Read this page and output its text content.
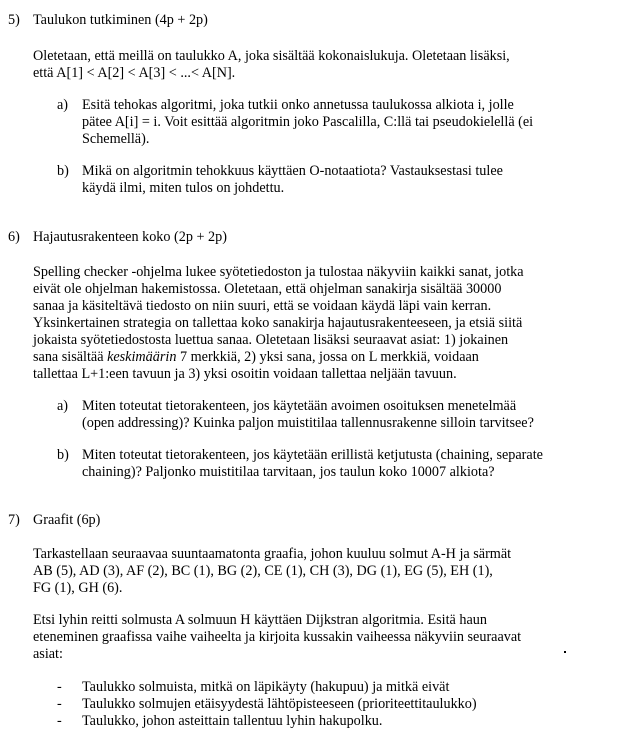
5) Taulukon tutkiminen (4p + 2p)
Oletetaan, että meillä on taulukko A, joka sisältää kokonaislukuja. Oletetaan lisäksi,
että A[1] < A[2] < A[3] < ...< A[N].
a) Esitä tehokas algoritmi, joka tutkii onko annetussa taulukossa alkiota i, jolle
pätee A[i] = i. Voit esittää algoritmin joko Pascalilla, C:llä tai pseudokielellä (ei
Schemellä).
b) Mikä on algoritmin tehokkuus käyttäen O-notaatiota? Vastauksestasi tulee
käydä ilmi, miten tulos on johdettu.
6) Hajautusrakenteen koko (2p + 2p)
Spelling checker -ohjelma lukee syötetiedoston ja tulostaa näkyviin kaikki sanat, jotka
eivät ole ohjelman hakemistossa. Oletetaan, että ohjelman sanakirja sisältää 30000
sanaa ja käsiteltävä tiedosto on niin suuri, että se voidaan käydä läpi vain kerran.
Yksinkertainen strategia on tallettaa koko sanakirja hajautusrakenteeseen, ja etsiä siitä
jokaista syötetiedostosta luettua sanaa. Oletetaan lisäksi seuraavat asiat: 1) jokainen
sana sisältää keskimäärin 7 merkkiä, 2) yksi sana, jossa on L merkkiä, voidaan
tallettaa L+1:een tavuun ja 3) yksi osoitin voidaan tallettaa neljään tavuun.
a) Miten toteutat tietorakenteen, jos käytetään avoimen osoituksen menetelmää
(open addressing)? Kuinka paljon muistitilaa tallennusrakenne silloin tarvitsee?
b) Miten toteutat tietorakenteen, jos käytetään erillistä ketjutusta (chaining, separate
chaining)? Paljonko muistitilaa tarvitaan, jos taulun koko 10007 alkiota?
7) Graafit (6p)
Tarkastellaan seuraavaa suuntaamatonta graafia, johon kuuluu solmut A-H ja särmät
AB (5), AD (3), AF (2), BC (1), BG (2), CE (1), CH (3), DG (1), EG (5), EH (1),
FG (1), GH (6).
Etsi lyhin reitti solmusta A solmuun H käyttäen Dijkstran algoritmia. Esitä haun
eteneminen graafissa vaihe vaiheelta ja kirjoita kussakin vaiheessa näkyviin seuraavat
asiat:
- Taulukko solmuista, mitkä on läpikäyty (hakupuu) ja mitkä eivät
- Taulukko solmujen etäisyydestä lähtöpisteeseen (prioriteettitaulukko)
- Taulukko, johon asteittain tallentuu lyhin hakupolku.
